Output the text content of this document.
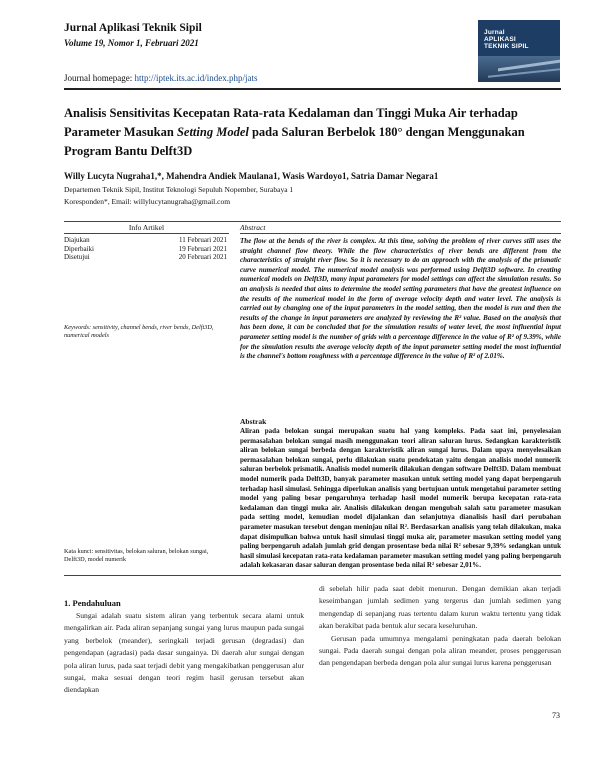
Jurnal Aplikasi Teknik Sipil
Volume 19, Nomor 1, Februari 2021
Jurnal
APLIKASI
TEKNIK SIPIL
Journal homepage: http://iptek.its.ac.id/index.php/jats
Analisis Sensitivitas Kecepatan Rata-rata Kedalaman dan Tinggi Muka Air terhadap Parameter Masukan Setting Model pada Saluran Berbelok 180° dengan Menggunakan Program Bantu Delft3D
Willy Lucyta Nugraha1,*, Mahendra Andiek Maulana1, Wasis Wardoyo1, Satria Damar Negara1
Departemen Teknik Sipil, Institut Teknologi Sepuluh Nopember, Surabaya 1
Koresponden*, Email: willylucytanugraha@gmail.com
Info Artikel	Abstract
Diajukan	11 Februari 2021
Diperbaiki	19 Februari 2021
Disetujui	20 Februari 2021
Keywords: sensitivity, channel bends, river bends, Delft3D, numerical models
Kata kunci: sensitivitas, belokan saluran, belokan sungai, Delft3D, model numerik
The flow at the bends of the river is complex. At this time, solving the problem of river curves still uses the straight channel flow theory. While the flow characteristics of river bends are different from the characteristics of straight river flow. So it is necessary to do an approach with the analysis of the prismatic curve numerical model. The numerical model analysis was performed using Delft3D software. In creating numerical models on Delft3D, many input parameters for model settings can affect the simulation results. So an analysis is needed that aims to determine the model setting parameters that have the greatest influence on the results of the numerical model in the form of average velocity depth and water level. The analysis is carried out by changing one of the input parameters in the model setting, then the model is run and then the results of the change in input parameters are analyzed by reviewing the R² value. Based on the analysis that has been done, it can be concluded that for the simulation results of water level, the most influential input parameter setting model is the number of grids with a percentage difference in the value of R² of 9.39%, while for the simulation results the average velocity depth of the input parameter setting model the most influential is the channel's bottom roughness with a percentage difference in the value of R² of 2.01%.
Abstrak
Aliran pada belokan sungai merupakan suatu hal yang kompleks. Pada saat ini, penyelesaian permasalahan belokan sungai masih menggunakan teori aliran saluran lurus. Sedangkan karakteristik aliran belokan sungai berbeda dengan karakteristik aliran sungai lurus. Dalam upaya menyelesaikan permasalahan belokan sungai, perlu dilakukan suatu pendekatan yaitu dengan analisis model numerik saluran berbelok prismatik. Analisis model numerik dilakukan dengan software Delft3D. Dalam membuat model numerik pada Delft3D, banyak parameter masukan untuk setting model yang dapat berpengaruh terhadap hasil simulasi. Sehingga diperlukan analisis yang bertujuan untuk mengetahui parameter setting model yang paling besar pengaruhnya terhadap hasil model numerik berupa kecepatan rata-rata kedalaman dan tinggi muka air. Analisis dilakukan dengan mengubah salah satu parameter masukan pada setting model, kemudian model dijalankan dan selanjutnya dianalisis hasil dari perubahan parameter masukan tersebut dengan meninjau nilai R². Berdasarkan analisis yang telah dilakukan, maka dapat disimpulkan bahwa untuk hasil simulasi tinggi muka air, parameter masukan setting model yang paling berpengaruh adalah jumlah grid dengan prosentase beda nilai R² sebesar 9,39% sedangkan untuk hasil simulasi kecepatan rata-rata kedalaman parameter masukan setting model yang paling berpengaruh adalah kekasaran dasar saluran dengan prosentase beda nilai R² sebesar 2,01%.
1. Pendahuluan
Sungai adalah suatu sistem aliran yang terbentuk secara alami untuk mengalirkan air. Pada aliran sepanjang sungai yang lurus maupun pada sungai yang berbelok (meander), seringkali terjadi gerusan (degradasi) dan pengendapan (agradasi) pada dasar sungainya. Di daerah alur sungai dengan pola aliran lurus, pada saat terjadi debit yang mengakibatkan penggerusan alur sungai, maka sesuai dengan teori regim hasil gerusan tersebut akan diendapkan
di sebelah hilir pada saat debit menurun. Dengan demikian akan terjadi keseimbangan jumlah sedimen yang tergerus dan jumlah sedimen yang mengendap di sepanjang ruas tertentu dalam kurun waktu tertentu yang tidak akan berakibat pada bentuk alur secara keseluruhan.
Gerusan pada umumnya mengalami peningkatan pada daerah belokan sungai. Pada daerah sungai dengan pola aliran meander, proses penggerusan dan pengendapan berbeda dengan pola alur sungai lurus karena penggerusan
73
